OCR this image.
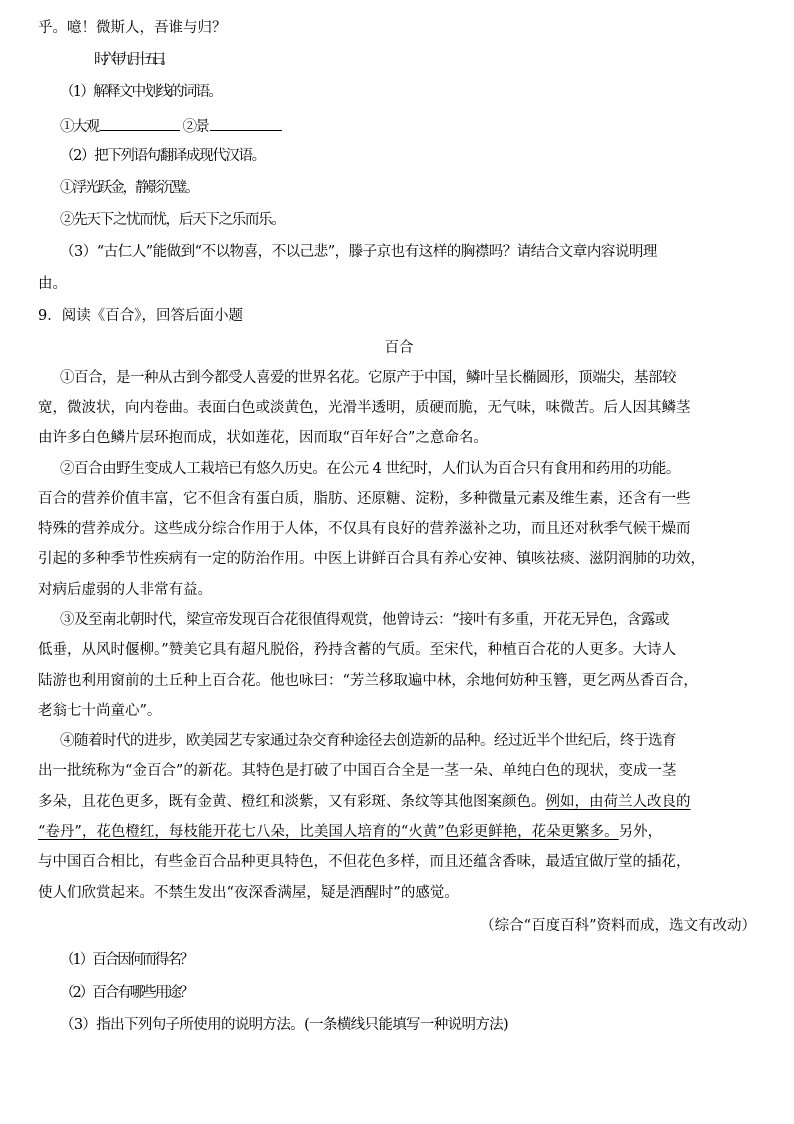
乎。噫！微斯人，吾谁与归？
时六年九月十五日。
（1）解释文中划线的词语。
①大观	②景
（2）把下列语句翻译成现代汉语。
①浮光跃金，静影沉璧。
②先天下之忧而忧，后天下之乐而乐。
（3）“古仁人”能做到“不以物喜，不以己悲”，滕子京也有这样的胸襟吗？请结合文章内容说明理
由。
9．阅读《百合》，回答后面小题
百合
①百合，是一种从古到今都受人喜爱的世界名花。它原产于中国，鳞叶呈长椭圆形，顶端尖，基部较
宽，微波状，向内卷曲。表面白色或淡黄色，光滑半透明，质硬而脆，无气味，味微苦。后人因其鳞茎
由许多白色鳞片层环抱而成，状如莲花，因而取“百年好合”之意命名。
②百合由野生变成人工栽培已有悠久历史。在公元 4 世纪时，人们认为百合只有食用和药用的功能。
百合的营养价值丰富，它不但含有蛋白质，脂肪、还原糖、淀粉，多种微量元素及维生素，还含有一些
特殊的营养成分。这些成分综合作用于人体，不仅具有良好的营养滋补之功，而且还对秋季气候干燥而
引起的多种季节性疾病有一定的防治作用。中医上讲鲜百合具有养心安神、镇咳祛痰、滋阴润肺的功效，
对病后虚弱的人非常有益。
③及至南北朝时代，梁宣帝发现百合花很值得观赏，他曾诗云：“接叶有多重，开花无异色，含露或
低垂，从风时偃柳。”赞美它具有超凡脱俗，矜持含蓄的气质。至宋代，种植百合花的人更多。大诗人
陆游也利用窗前的土丘种上百合花。他也咏曰：“芳兰移取遍中林，余地何妨种玉簪，更乞两丛香百合，
老翁七十尚童心”。
④随着时代的进步，欧美园艺专家通过杂交育种途径去创造新的品种。经过近半个世纪后，终于选育
出一批统称为“金百合”的新花。其特色是打破了中国百合全是一茎一朵、单纯白色的现状，变成一茎
多朵，且花色更多，既有金黄、橙红和淡紫，又有彩斑、条纹等其他图案颜色。例如，由荷兰人改良的
“卷丹”，花色橙红，每枝能开花七八朵，比美国人培育的“火黄”色彩更鲜艳，花朵更繁多。另外，
与中国百合相比，有些金百合品种更具特色，不但花色多样，而且还蕴含香味，最适宜做厅堂的插花，
使人们欣赏起来。不禁生发出“夜深香满屋，疑是酒醒时”的感觉。
（综合“百度百科”资料而成，选文有改动）
（1）百合因何而得名？
（2）百合有哪些用途？
（3）指出下列句子所使用的说明方法。(一条横线只能填写一种说明方法)
